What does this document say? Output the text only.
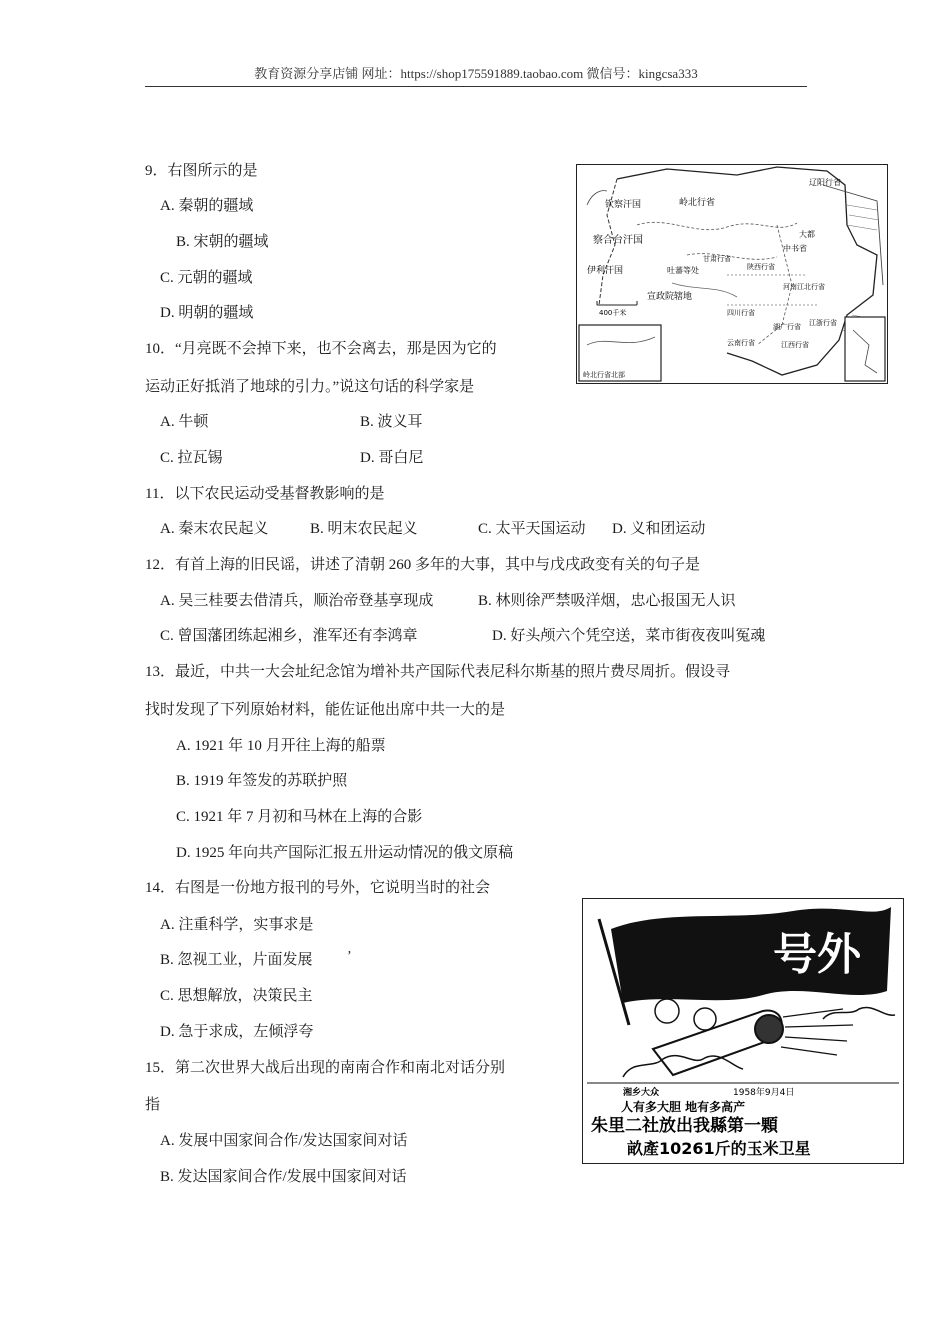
教育资源分享店铺 网址：https://shop175591889.taobao.com 微信号：kingcsa333
9．右图所示的是
A. 秦朝的疆域
B. 宋朝的疆域
C. 元朝的疆域
D. 明朝的疆域
10．“月亮既不会掉下来，也不会离去，那是因为它的
运动正好抵消了地球的引力。”说这句话的科学家是
A. 牛顿	B. 波义耳
C. 拉瓦锡	D. 哥白尼
11．以下农民运动受基督教影响的是
A. 秦末农民起义	B. 明末农民起义	C. 太平天国运动 D. 义和团运动
12．有首上海的旧民谣，讲述了清朝 260 多年的大事，其中与戊戌政变有关的句子是
A. 吴三桂要去借清兵，顺治帝登基享现成	B. 林则徐严禁吸洋烟，忠心报国无人识
C. 曾国藩团练起湘乡，淮军还有李鸿章	D. 好头颅六个凭空送，菜市街夜夜叫冤魂
13．最近，中共一大会址纪念馆为增补共产国际代表尼科尔斯基的照片费尽周折。假设寻
找时发现了下列原始材料，能佐证他出席中共一大的是
A. 1921 年 10 月开往上海的船票
B. 1919 年签发的苏联护照
C. 1921 年 7 月初和马林在上海的合影
D. 1925 年向共产国际汇报五卅运动情况的俄文原稿
14．右图是一份地方报刊的号外，它说明当时的社会
A. 注重科学，实事求是
B. 忽视工业，片面发展 ’
C. 思想解放，决策民主
D. 急于求成，左倾浮夸
15．第二次世界大战后出现的南南合作和南北对话分别
指
A. 发展中国家间合作/发达国家间对话
B. 发达国家间合作/发展中国家间对话
钦察汗国	岭北行省
辽阳行省
察合台汗国
伊利汗国	吐蕃等处
宣政院辖地
中书省
大都
陕西行省
甘肃行省
河南江北行省
四川行省
江浙行省
湖广行省
云南行省	江西行省
岭北行省北部
400千米
号外
湘乡大众	1958年9月4日
人有多大胆 地有多高产
朱里二社放出我縣第一顆
畝產10261斤的玉米卫星
